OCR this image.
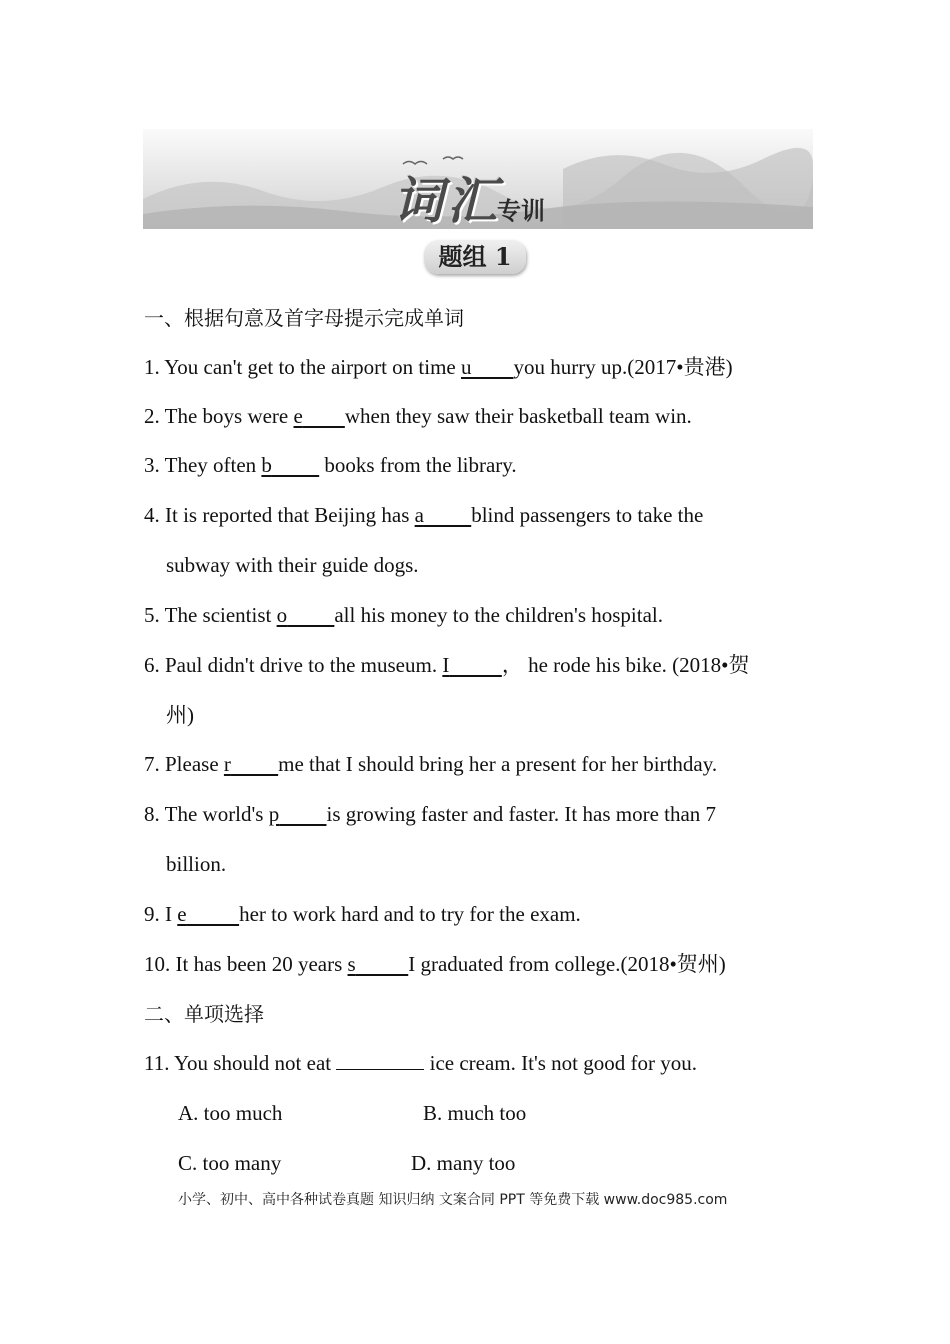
词汇
专训
题组 1
一、根据句意及首字母提示完成单词
1. You can't get to the airport on time u you hurry up.(2017•贵港)
2. The boys were e when they saw their basketball team win.
3. They often b          books from the library.
4. It is reported that Beijing has a blind passengers to take the
subway with their guide dogs.
5. The scientist o all his money to the children's hospital.
6. Paul didn't drive to the museum. I	， he rode his bike. (2018•贺
州)
7. Please r me that I should bring her a present for her birthday.
8. The world's p is growing faster and faster. It has more than 7
billion.
9. I e	her to work hard and to try for the exam.
10. It has been 20 years s	I graduated from college.(2018•贺州)
二、单项选择
11. You should not eat	ice cream. It's not good for you.
A. too much	B. much too
C. too many	D. many too
小学、初中、高中各种试卷真题 知识归纳 文案合同 PPT 等免费下载 www.doc985.com
